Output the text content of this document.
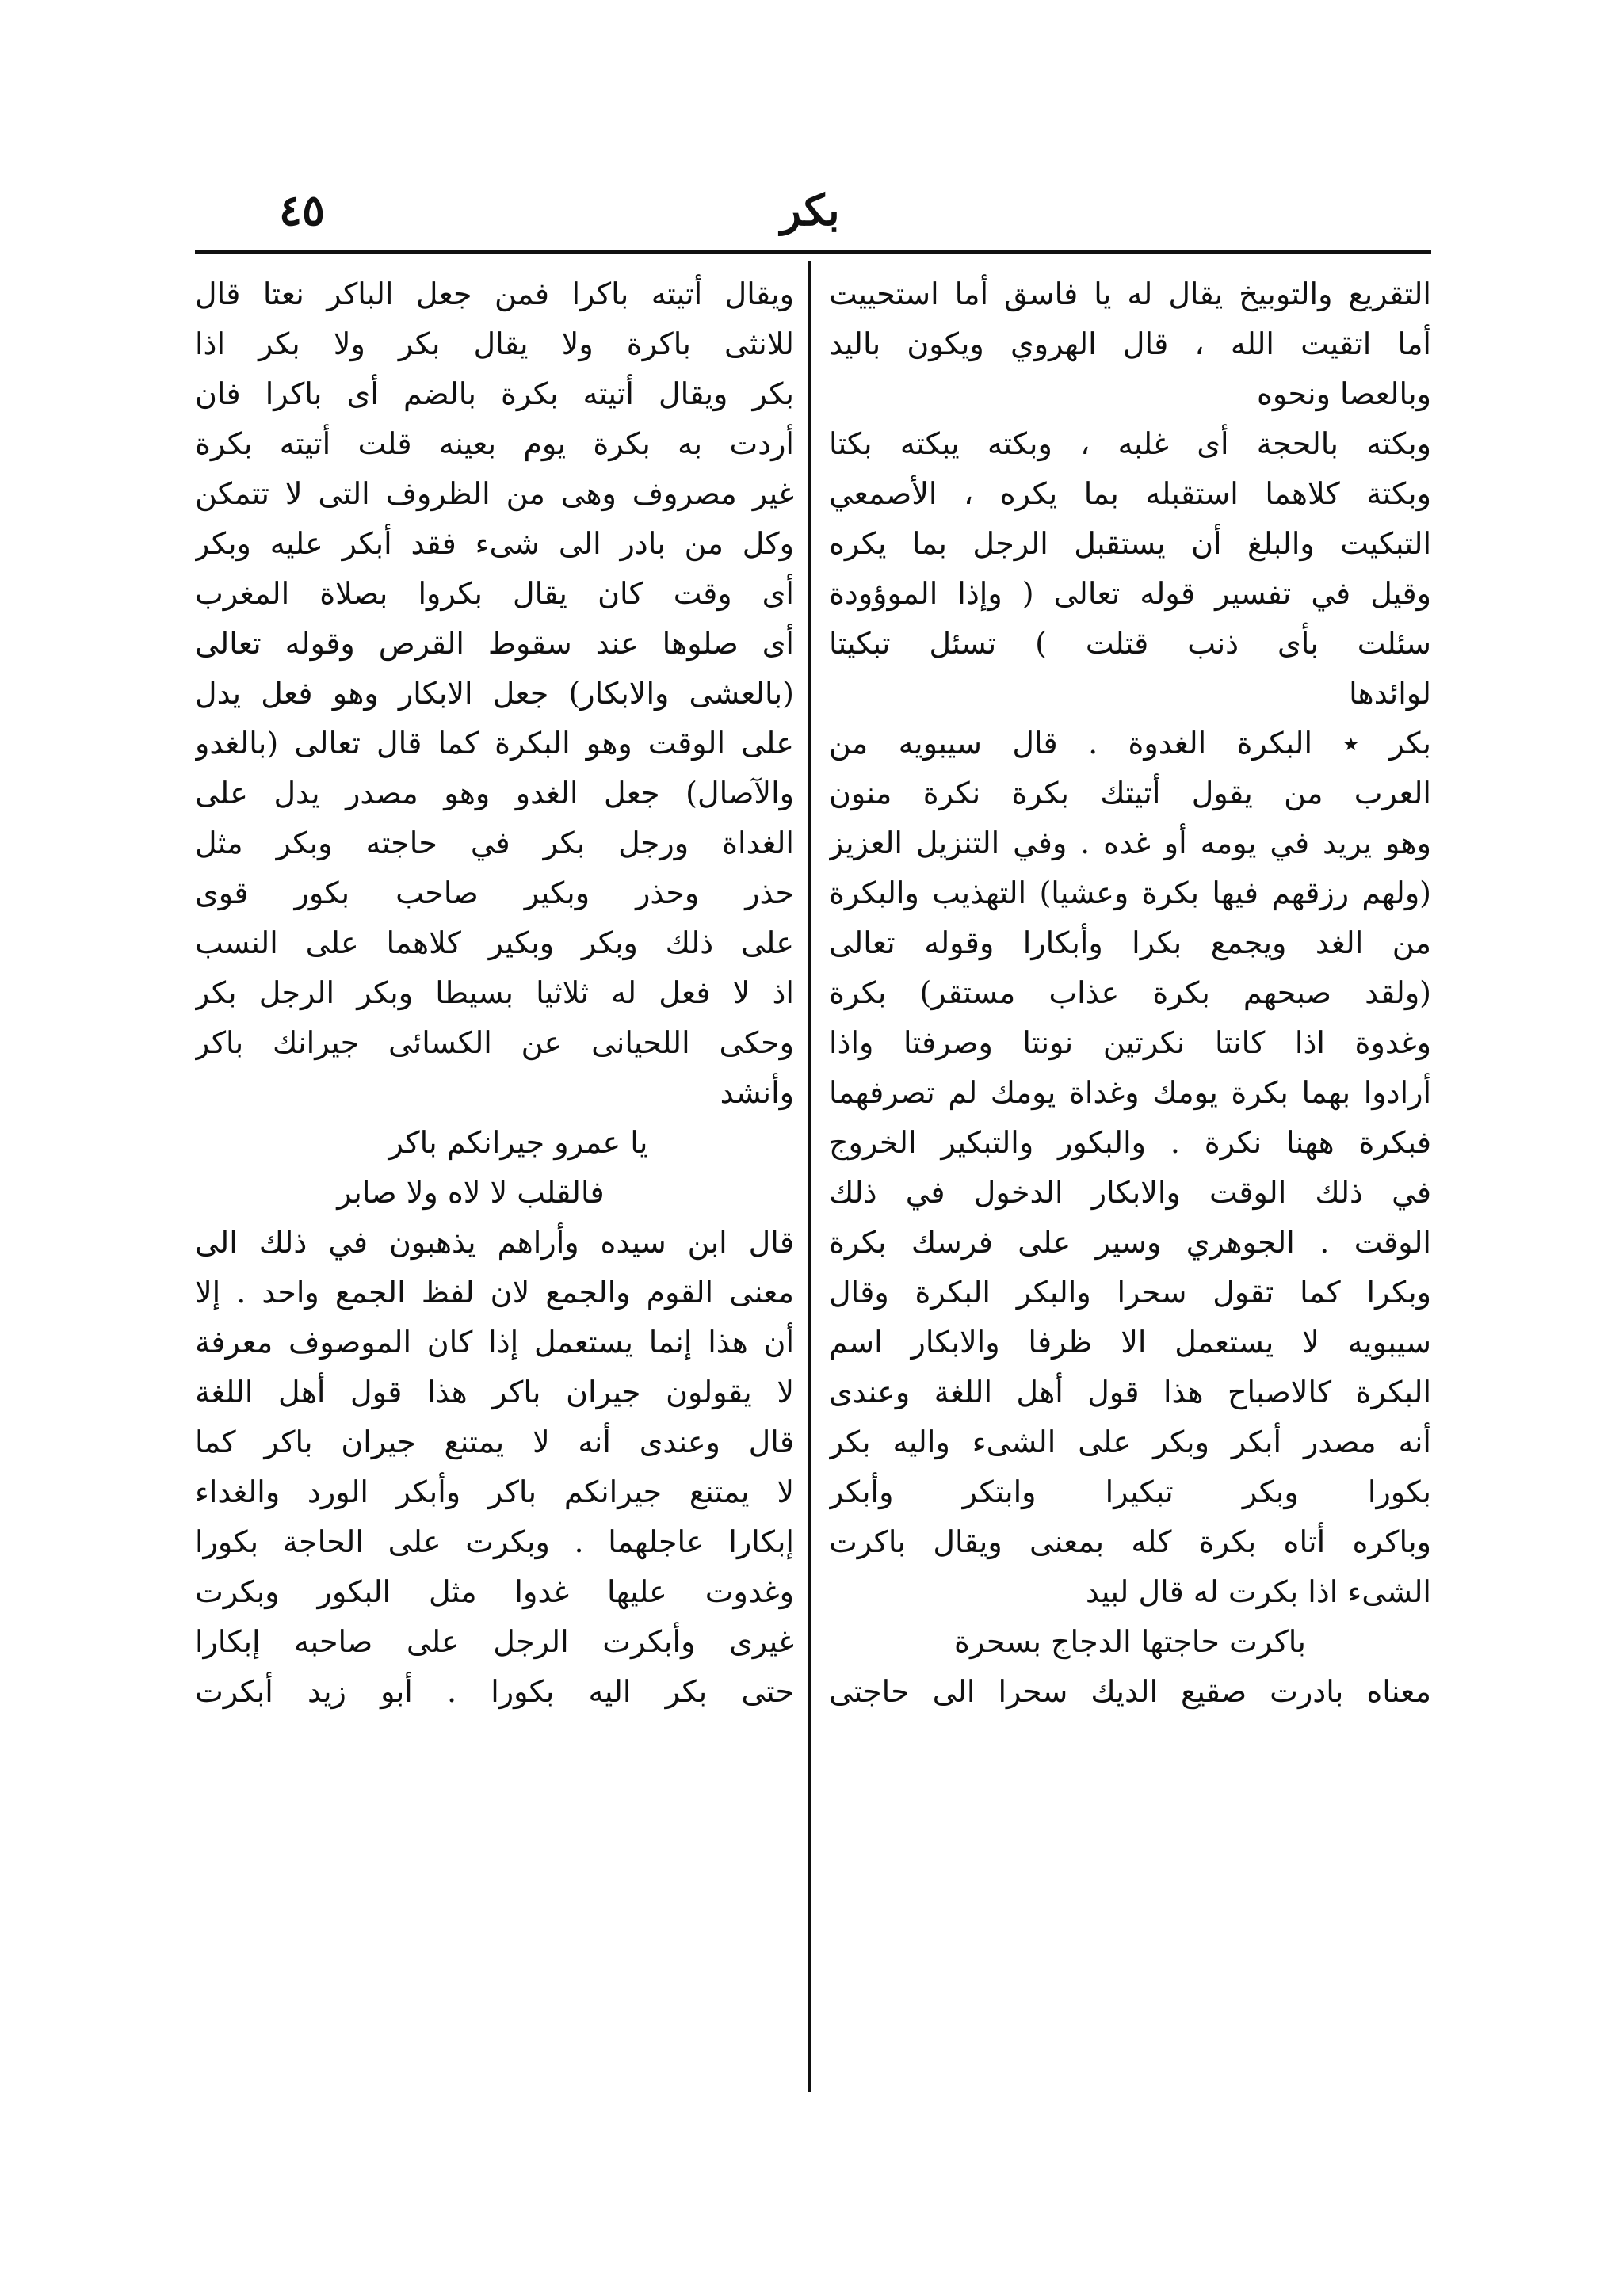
٤٥	بكر
التقريع والتوبيخ يقال له يا فاسق أما استحييت
أما اتقيت الله ، قال الهروي ويكون باليد
وبالعصا ونحوه
وبكته بالحجة أى غلبه ، وبكته يبكته بكتا
وبكتة كلاهما استقبله بما يكره ، الأصمعي
التبكيت والبلغ أن يستقبل الرجل بما يكره
وقيل في تفسير قوله تعالى ( وإذا الموؤودة
سئلت بأى ذنب قتلت ) تسئل تبكيتا
لوائدها
بكر ٭ البكرة الغدوة . قال سيبويه من
العرب من يقول أتيتك بكرة نكرة منون
وهو يريد في يومه أو غده . وفي التنزيل العزيز
(ولهم رزقهم فيها بكرة وعشيا) التهذيب والبكرة
من الغد ويجمع بكرا وأبكارا وقوله تعالى
(ولقد صبحهم بكرة عذاب مستقر) بكرة
وغدوة اذا كانتا نكرتين نونتا وصرفتا واذا
أرادوا بهما بكرة يومك وغداة يومك لم تصرفهما
فبكرة ههنا نكرة . والبكور والتبكير الخروج
في ذلك الوقت والابكار الدخول في ذلك
الوقت . الجوهري وسير على فرسك بكرة
وبكرا كما تقول سحرا والبكر البكرة وقال
سيبويه لا يستعمل الا ظرفا والابكار اسم
البكرة كالاصباح هذا قول أهل اللغة وعندى
أنه مصدر أبكر وبكر على الشىء واليه بكر
بكورا وبكر تبكيرا وابتكر وأبكر
وباكره أتاه بكرة كله بمعنى ويقال باكرت
الشىء اذا بكرت له قال لبيد
باكرت حاجتها الدجاج بسحرة
معناه بادرت صقيع الديك سحرا الى حاجتى
ويقال أتيته باكرا فمن جعل الباكر نعتا قال
للانثى باكرة ولا يقال بكر ولا بكر اذا
بكر ويقال أتيته بكرة بالضم أى باكرا فان
أردت به بكرة يوم بعينه قلت أتيته بكرة
غير مصروف وهى من الظروف التى لا تتمكن
وكل من بادر الى شىء فقد أبكر عليه وبكر
أى وقت كان يقال بكروا بصلاة المغرب
أى صلوها عند سقوط القرص وقوله تعالى
(بالعشى والابكار) جعل الابكار وهو فعل يدل
على الوقت وهو البكرة كما قال تعالى (بالغدو
والآصال) جعل الغدو وهو مصدر يدل على
الغداة ورجل بكر في حاجته وبكر مثل
حذر وحذر وبكير صاحب بكور قوى
على ذلك وبكر وبكير كلاهما على النسب
اذ لا فعل له ثلاثيا بسيطا وبكر الرجل بكر
وحكى اللحيانى عن الكسائى جيرانك باكر
وأنشد
يا عمرو جيرانكم باكر
فالقلب لا لاه ولا صابر
قال ابن سيده وأراهم يذهبون في ذلك الى
معنى القوم والجمع لان لفظ الجمع واحد . إلا
أن هذا إنما يستعمل إذا كان الموصوف معرفة
لا يقولون جيران باكر هذا قول أهل اللغة
قال وعندى أنه لا يمتنع جيران باكر كما
لا يمتنع جيرانكم باكر وأبكر الورد والغداء
إبكارا عاجلهما . وبكرت على الحاجة بكورا
وغدوت عليها غدوا مثل البكور وبكرت
غيرى وأبكرت الرجل على صاحبه إبكارا
حتى بكر اليه بكورا . أبو زيد أبكرت
